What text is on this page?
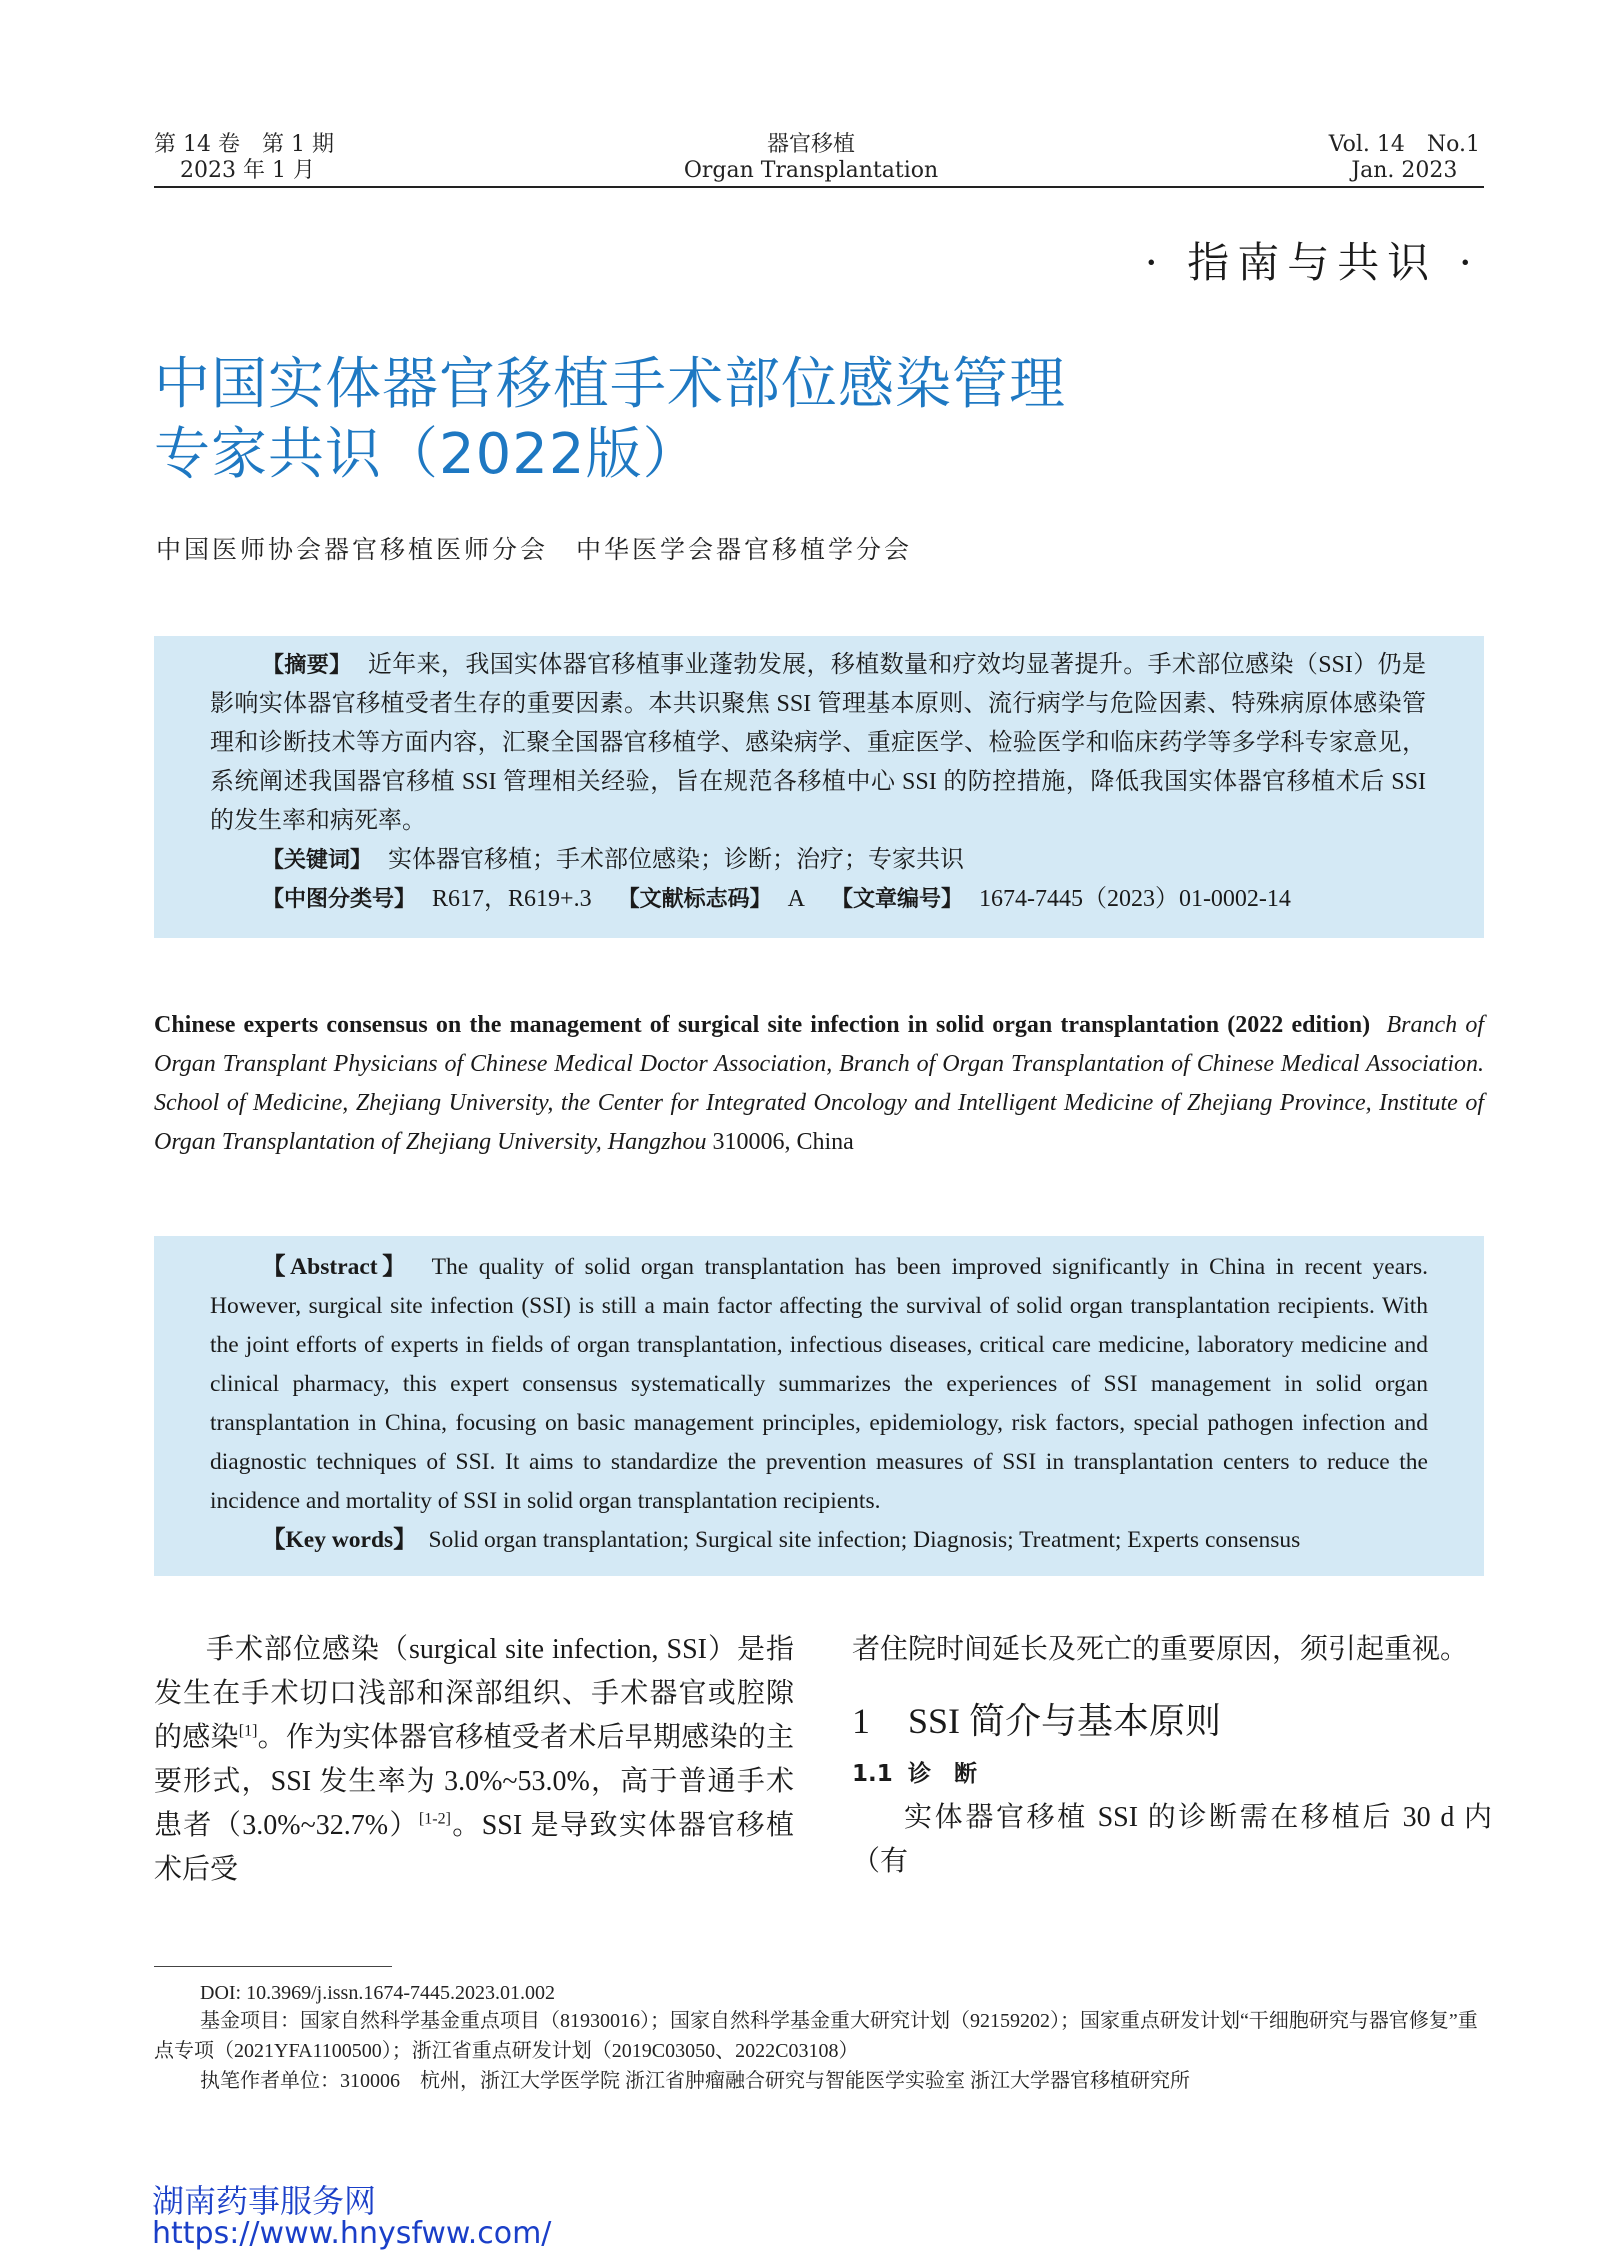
第 14 卷　第 1 期
2023 年 1 月
器官移植
Organ Transplantation
Vol. 14　No.1
Jan. 2023
· 指南与共识 ·
中国实体器官移植手术部位感染管理
专家共识（2022版）
中国医师协会器官移植医师分会　中华医学会器官移植学分会

【摘要】 近年来，我国实体器官移植事业蓬勃发展，移植数量和疗效均显著提升。手术部位感染（SSI）仍是影响实体器官移植受者生存的重要因素。本共识聚焦 SSI 管理基本原则、流行病学与危险因素、特殊病原体感染管理和诊断技术等方面内容，汇聚全国器官移植学、感染病学、重症医学、检验医学和临床药学等多学科专家意见，系统阐述我国器官移植 SSI 管理相关经验，旨在规范各移植中心 SSI 的防控措施，降低我国实体器官移植术后 SSI 的发生率和病死率。

【关键词】 实体器官移植；手术部位感染；诊断；治疗；专家共识

【中图分类号】 R617，R619+.3 【文献标志码】 A 【文章编号】 1674-7445（2023）01-0002-14

Chinese experts consensus on the management of surgical site infection in solid organ transplantation (2022 edition) Branch of Organ Transplant Physicians of Chinese Medical Doctor Association, Branch of Organ Transplantation of Chinese Medical Association. School of Medicine, Zhejiang University, the Center for Integrated Oncology and Intelligent Medicine of Zhejiang Province, Institute of Organ Transplantation of Zhejiang University, Hangzhou 310006, China

【Abstract】 The quality of solid organ transplantation has been improved significantly in China in recent years. However, surgical site infection (SSI) is still a main factor affecting the survival of solid organ transplantation recipients. With the joint efforts of experts in fields of organ transplantation, infectious diseases, critical care medicine, laboratory medicine and clinical pharmacy, this expert consensus systematically summarizes the experiences of SSI management in solid organ transplantation in China, focusing on basic management principles, epidemiology, risk factors, special pathogen infection and diagnostic techniques of SSI. It aims to standardize the prevention measures of SSI in transplantation centers to reduce the incidence and mortality of SSI in solid organ transplantation recipients.

【Key words】 Solid organ transplantation; Surgical site infection; Diagnosis; Treatment; Experts consensus

手术部位感染（surgical site infection, SSI）是指发生在手术切口浅部和深部组织、手术器官或腔隙的感染[1]。作为实体器官移植受者术后早期感染的主要形式，SSI 发生率为 3.0%~53.0%，高于普通手术患者（3.0%~32.7%）[1-2]。SSI 是导致实体器官移植术后受

者住院时间延长及死亡的重要原因，须引起重视。

1 SSI 简介与基本原则

1.1 诊　断

实体器官移植 SSI 的诊断需在移植后 30 d 内（有

DOI: 10.3969/j.issn.1674-7445.2023.01.002
基金项目：国家自然科学基金重点项目（81930016）；国家自然科学基金重大研究计划（92159202）；国家重点研发计划“干细胞研究与器官修复”重点专项（2021YFA1100500）；浙江省重点研发计划（2019C03050、2022C03108）
执笔作者单位：310006　杭州，浙江大学医学院 浙江省肿瘤融合研究与智能医学实验室 浙江大学器官移植研究所
湖南药事服务网
https://www.hnysfww.com/
